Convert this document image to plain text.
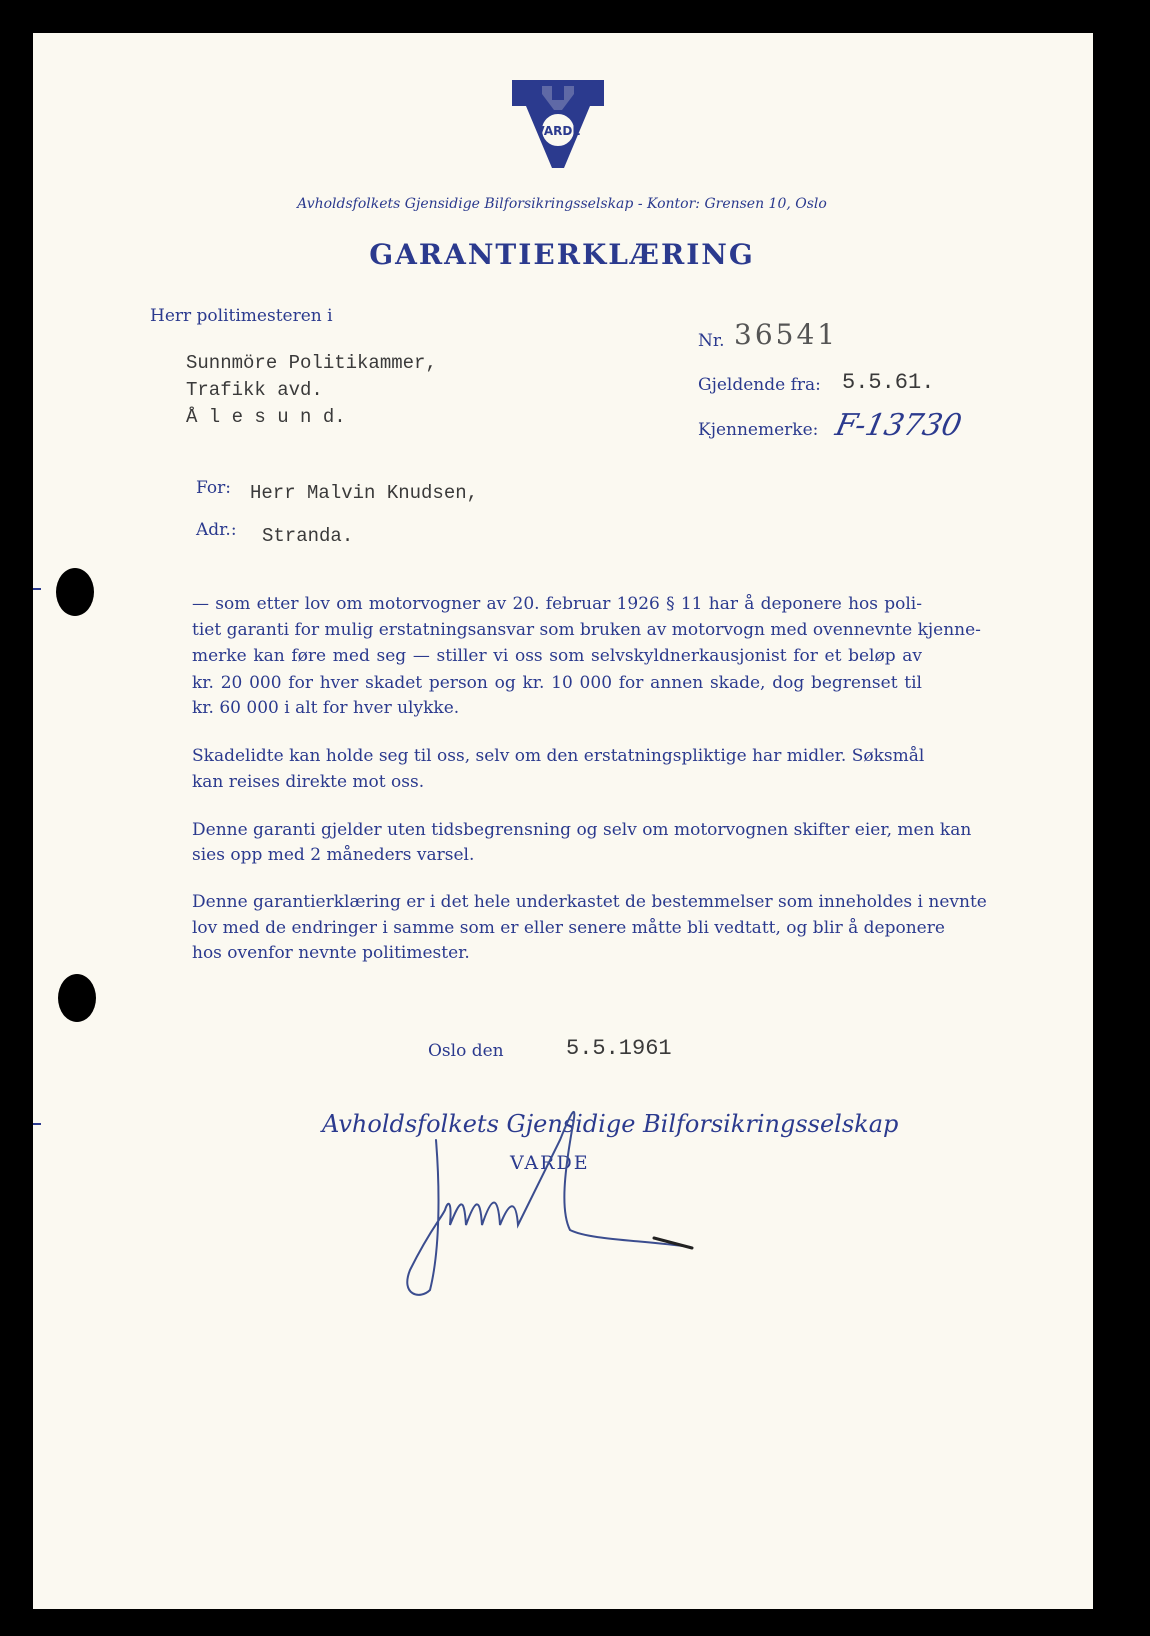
VARDE
Avholdsfolkets Gjensidige Bilforsikringsselskap - Kontor: Grensen 10, Oslo
GARANTIERKLÆRING
Herr politimesteren i
Sunnmöre Politikammer,
Trafikk avd.
Å l e s u n d.
Nr. 36541
Gjeldende fra: 5.5.61.
Kjennemerke: F-13730
For: Herr Malvin Knudsen,
Adr.: Stranda.
— som etter lov om motorvogner av 20. februar 1926 § 11 har å deponere hos poli-
tiet garanti for mulig erstatningsansvar som bruken av motorvogn med ovennevnte kjenne-
merke kan føre med seg — stiller vi oss som selvskyldnerkausjonist for et beløp av
kr. 20 000 for hver skadet person og kr. 10 000 for annen skade, dog begrenset til
kr. 60 000 i alt for hver ulykke.
Skadelidte kan holde seg til oss, selv om den erstatningspliktige har midler. Søksmål
kan reises direkte mot oss.
Denne garanti gjelder uten tidsbegrensning og selv om motorvognen skifter eier, men kan
sies opp med 2 måneders varsel.
Denne garantierklæring er i det hele underkastet de bestemmelser som inneholdes i nevnte
lov med de endringer i samme som er eller senere måtte bli vedtatt, og blir å deponere
hos ovenfor nevnte politimester.
Oslo den	5.5.1961
Avholdsfolkets Gjensidige Bilforsikringsselskap
VARDE
